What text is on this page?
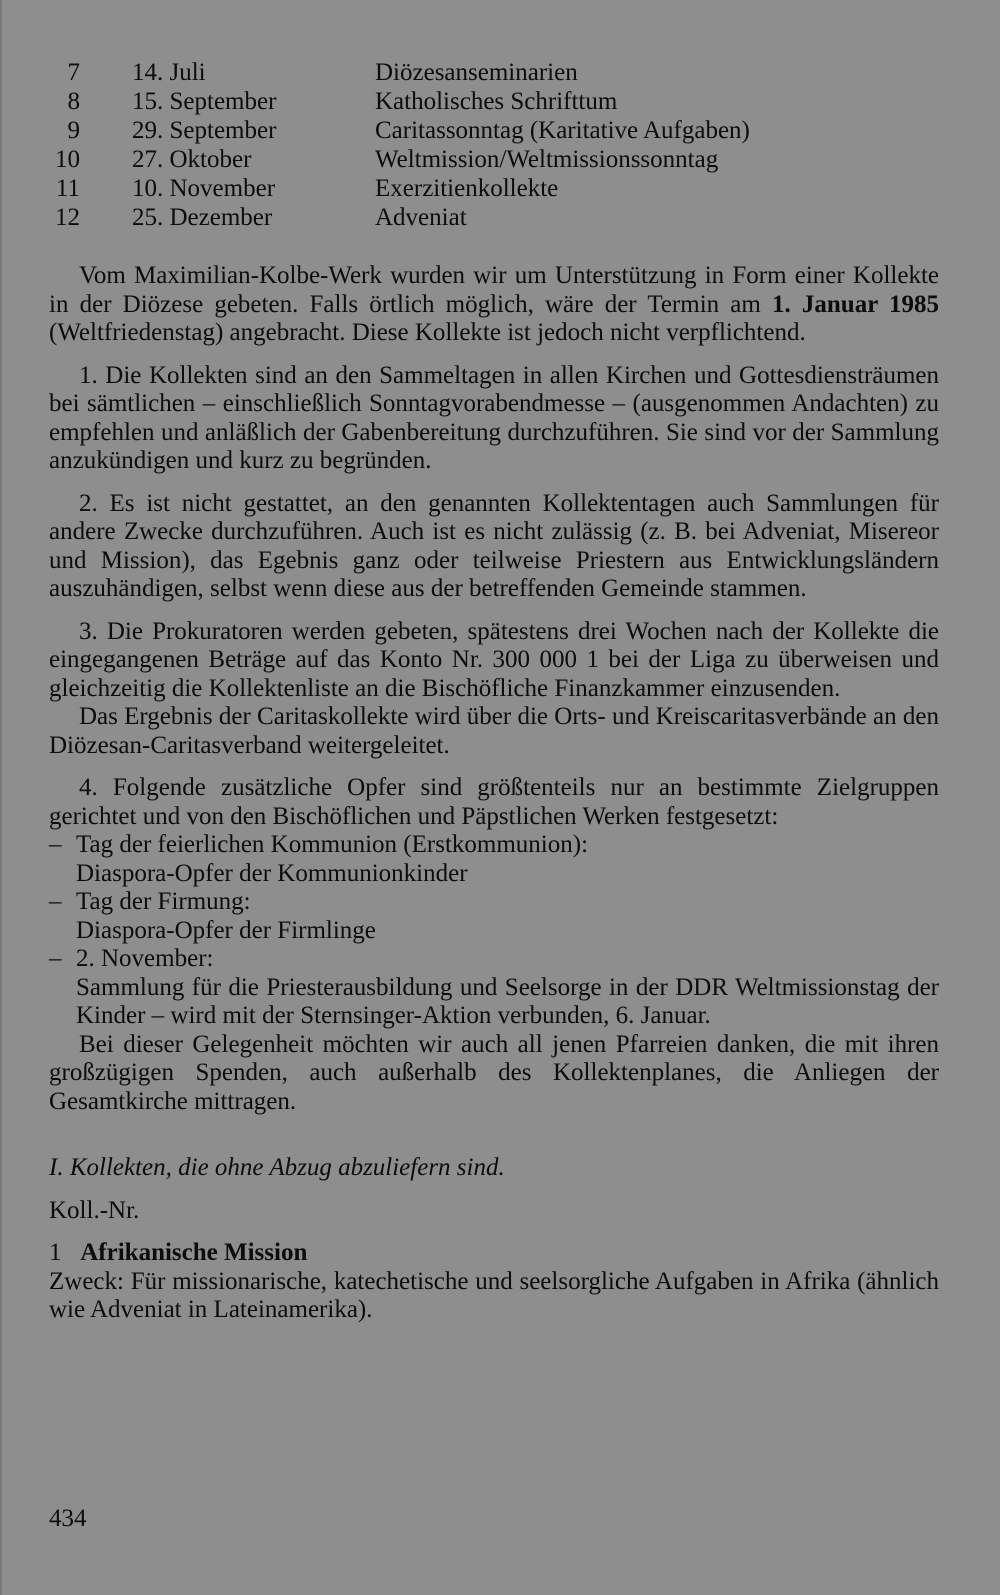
7 14. Juli	Diözesanseminarien
8 15. September	Katholisches Schrifttum
9 29. September	Caritassonntag (Karitative Aufgaben)
10 27. Oktober	Weltmission/Weltmissionssonntag
11 10. November	Exerzitienkollekte
12 25. Dezember	Adveniat

Vom Maximilian-Kolbe-Werk wurden wir um Unterstützung in Form einer Kollekte in der Diözese gebeten. Falls örtlich möglich, wäre der Termin am 1. Januar 1985 (Weltfriedenstag) angebracht. Diese Kollekte ist jedoch nicht verpflichtend.

1. Die Kollekten sind an den Sammeltagen in allen Kirchen und Gottesdiensträumen bei sämtlichen – einschließlich Sonntagvorabendmesse – (ausgenommen Andachten) zu empfehlen und anläßlich der Gabenbereitung durchzuführen. Sie sind vor der Sammlung anzukündigen und kurz zu begründen.

2. Es ist nicht gestattet, an den genannten Kollektentagen auch Sammlungen für andere Zwecke durchzuführen. Auch ist es nicht zulässig (z. B. bei Adveniat, Misereor und Mission), das Egebnis ganz oder teilweise Priestern aus Entwicklungsländern auszuhändigen, selbst wenn diese aus der betreffenden Gemeinde stammen.

3. Die Prokuratoren werden gebeten, spätestens drei Wochen nach der Kollekte die eingegangenen Beträge auf das Konto Nr. 300 000 1 bei der Liga zu überweisen und gleichzeitig die Kollektenliste an die Bischöfliche Finanzkammer einzusenden.

Das Ergebnis der Caritaskollekte wird über die Orts- und Kreiscaritasverbände an den Diözesan-Caritasverband weitergeleitet.

4. Folgende zusätzliche Opfer sind größtenteils nur an bestimmte Zielgruppen gerichtet und von den Bischöflichen und Päpstlichen Werken festgesetzt:

– Tag der feierlichen Kommunion (Erstkommunion):
Diaspora-Opfer der Kommunionkinder
– Tag der Firmung:
Diaspora-Opfer der Firmlinge
– 2. November:
Sammlung für die Priesterausbildung und Seelsorge in der DDR Weltmissionstag der Kinder – wird mit der Sternsinger-Aktion verbunden, 6. Januar.

Bei dieser Gelegenheit möchten wir auch all jenen Pfarreien danken, die mit ihren großzügigen Spenden, auch außerhalb des Kollektenplanes, die Anliegen der Gesamtkirche mittragen.

I. Kollekten, die ohne Abzug abzuliefern sind.

Koll.-Nr.

1 Afrikanische Mission

Zweck: Für missionarische, katechetische und seelsorgliche Aufgaben in Afrika (ähnlich wie Adveniat in Lateinamerika).

434
